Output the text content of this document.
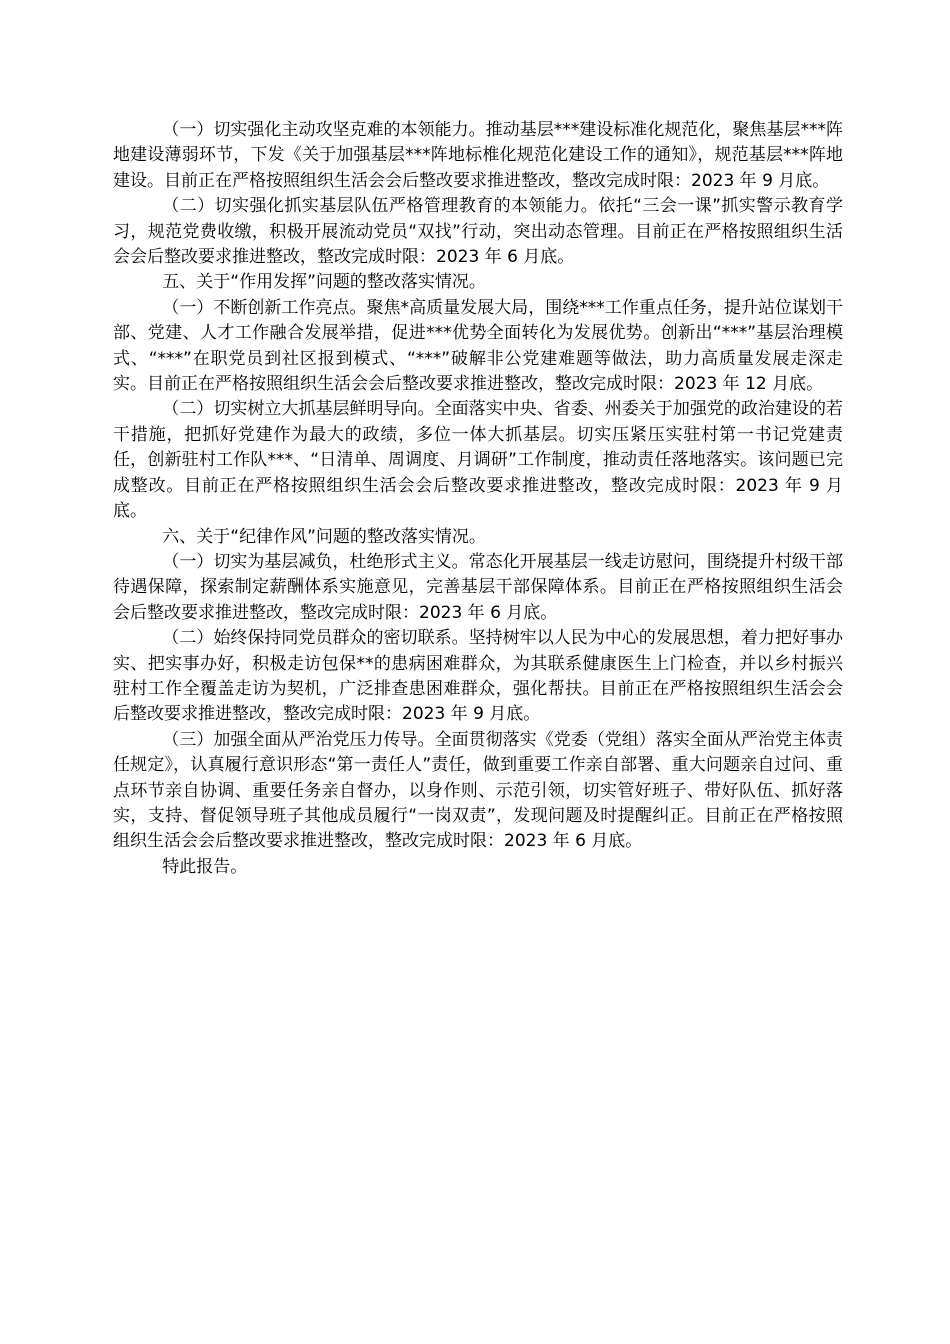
（一）切实强化主动攻坚克难的本领能力。推动基层***建设标准化规范化，聚焦基层***阵地建设薄弱环节，下发《关于加强基层***阵地标椎化规范化建设工作的通知》，规范基层***阵地建设。目前正在严格按照组织生活会会后整改要求推进整改，整改完成时限：2023 年 9 月底。

（二）切实强化抓实基层队伍严格管理教育的本领能力。依托“三会一课”抓实警示教育学习，规范党费收缴，积极开展流动党员“双找”行动，突出动态管理。目前正在严格按照组织生活会会后整改要求推进整改，整改完成时限：2023 年 6 月底。

五、关于“作用发挥”问题的整改落实情况。

（一）不断创新工作亮点。聚焦*高质量发展大局，围绕***工作重点任务，提升站位谋划干部、党建、人才工作融合发展举措，促进***优势全面转化为发展优势。创新出“***”基层治理模式、“***”在职党员到社区报到模式、“***”破解非公党建难题等做法，助力高质量发展走深走实。目前正在严格按照组织生活会会后整改要求推进整改，整改完成时限：2023 年 12 月底。

（二）切实树立大抓基层鲜明导向。全面落实中央、省委、州委关于加强党的政治建设的若干措施，把抓好党建作为最大的政绩，多位一体大抓基层。切实压紧压实驻村第一书记党建责任，创新驻村工作队***、“日清单、周调度、月调研”工作制度，推动责任落地落实。该问题已完成整改。目前正在严格按照组织生活会会后整改要求推进整改，整改完成时限：2023 年 9 月底。

六、关于“纪律作风”问题的整改落实情况。

（一）切实为基层减负，杜绝形式主义。常态化开展基层一线走访慰问，围绕提升村级干部待遇保障，探索制定薪酬体系实施意见，完善基层干部保障体系。目前正在严格按照组织生活会会后整改要求推进整改，整改完成时限：2023 年 6 月底。

（二）始终保持同党员群众的密切联系。坚持树牢以人民为中心的发展思想，着力把好事办实、把实事办好，积极走访包保**的患病困难群众，为其联系健康医生上门检查，并以乡村振兴驻村工作全覆盖走访为契机，广泛排查患困难群众，强化帮扶。目前正在严格按照组织生活会会后整改要求推进整改，整改完成时限：2023 年 9 月底。

（三）加强全面从严治党压力传导。全面贯彻落实《党委（党组）落实全面从严治党主体责任规定》，认真履行意识形态“第一责任人”责任，做到重要工作亲自部署、重大问题亲自过问、重点环节亲自协调、重要任务亲自督办，以身作则、示范引领，切实管好班子、带好队伍、抓好落实，支持、督促领导班子其他成员履行“一岗双责”，发现问题及时提醒纠正。目前正在严格按照组织生活会会后整改要求推进整改，整改完成时限：2023 年 6 月底。

特此报告。
